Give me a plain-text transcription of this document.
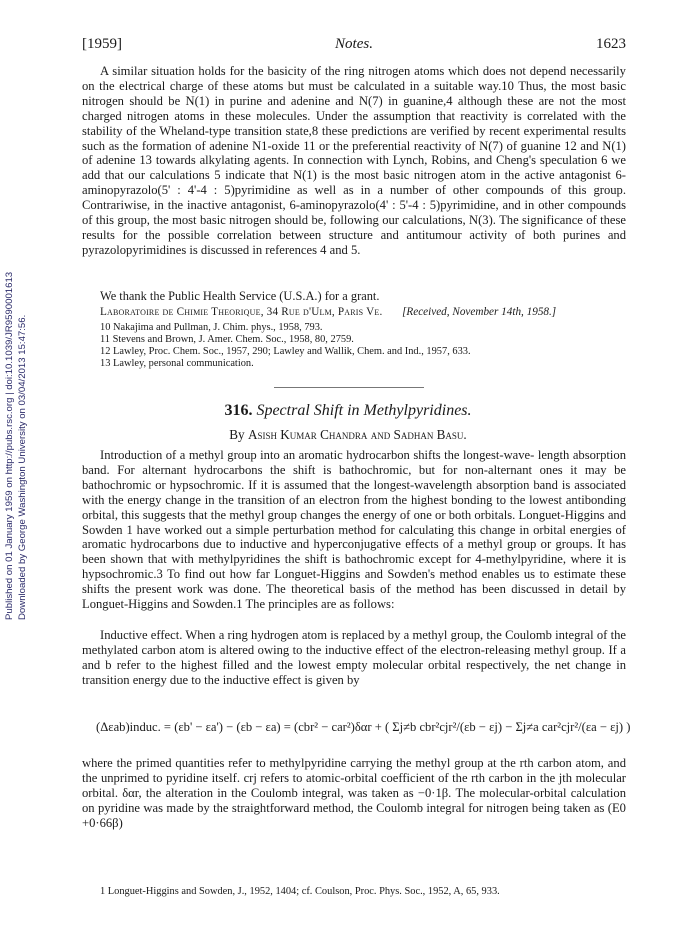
[1959]	Notes.	1623
Published on 01 January 1959 on http://pubs.rsc.org | doi:10.1039/JR9590001613 Downloaded by George Washington University on 03/04/2013 15:47:56.

A similar situation holds for the basicity of the ring nitrogen atoms which does not depend necessarily on the electrical charge of these atoms but must be calculated in a suitable way.10 Thus, the most basic nitrogen should be N(1) in purine and adenine and N(7) in guanine,4 although these are not the most charged nitrogen atoms in these molecules. Under the assumption that reactivity is correlated with the stability of the Wheland-type transition state,8 these predictions are verified by recent experimental results such as the formation of adenine N1-oxide 11 or the preferential reactivity of N(7) of guanine 12 and N(1) of adenine 13 towards alkylating agents. In connection with Lynch, Robins, and Cheng's speculation 6 we add that our calculations 5 indicate that N(1) is the most basic nitrogen atom in the active antagonist 6-aminopyrazolo(5' : 4'-4 : 5)pyrimidine as well as in a number of other compounds of this group. Contrariwise, in the inactive antagonist, 6-aminopyrazolo(4' : 5'-4 : 5)pyrimidine, and in other compounds of this group, the most basic nitrogen should be, following our calculations, N(3). The significance of these results for the possible correlation between structure and antitumour activity of both purines and pyrazolopyrimidines is discussed in references 4 and 5.

We thank the Public Health Service (U.S.A.) for a grant.
Laboratoire de Chimie Theorique, 34 Rue d'Ulm, Paris Ve. [Received, November 14th, 1958.]
10 Nakajima and Pullman, J. Chim. phys., 1958, 793.
11 Stevens and Brown, J. Amer. Chem. Soc., 1958, 80, 2759.
12 Lawley, Proc. Chem. Soc., 1957, 290; Lawley and Wallik, Chem. and Ind., 1957, 633.
13 Lawley, personal communication.
316. Spectral Shift in Methylpyridines.
By Asish Kumar Chandra and Sadhan Basu.

Introduction of a methyl group into an aromatic hydrocarbon shifts the longest-wave- length absorption band. For alternant hydrocarbons the shift is bathochromic, but for non-alternant ones it may be bathochromic or hypsochromic. If it is assumed that the longest-wavelength absorption band is associated with the energy change in the transition of an electron from the highest bonding to the lowest antibonding orbital, this suggests that the methyl group changes the energy of one or both orbitals. Longuet-Higgins and Sowden 1 have worked out a simple perturbation method for calculating this change in orbital energies of aromatic hydrocarbons due to inductive and hyperconjugative effects of a methyl group or groups. It has been shown that with methylpyridines the shift is bathochromic except for 4-methylpyridine, where it is hypsochromic.3 To find out how far Longuet-Higgins and Sowden's method enables us to estimate these shifts the present work was done. The theoretical basis of the method has been discussed in detail by Longuet-Higgins and Sowden.1 The principles are as follows:

Inductive effect. When a ring hydrogen atom is replaced by a methyl group, the Coulomb integral of the methylated carbon atom is altered owing to the inductive effect of the electron-releasing methyl group. If a and b refer to the highest filled and the lowest empty molecular orbital respectively, the net change in transition energy due to the inductive effect is given by

(Δεab)induc. = (εb' − εa') − (εb − εa) = (cbr² − car²)δαr + ( Σj≠b cbr²cjr²/(εb − εj) − Σj≠a car²cjr²/(εa − εj) )

where the primed quantities refer to methylpyridine carrying the methyl group at the rth carbon atom, and the unprimed to pyridine itself. crj refers to atomic-orbital coefficient of the rth carbon in the jth molecular orbital. δαr, the alteration in the Coulomb integral, was taken as −0·1β. The molecular-orbital calculation on pyridine was made by the straightforward method, the Coulomb integral for nitrogen being taken as (E0 +0·66β)

1 Longuet-Higgins and Sowden, J., 1952, 1404; cf. Coulson, Proc. Phys. Soc., 1952, A, 65, 933.
